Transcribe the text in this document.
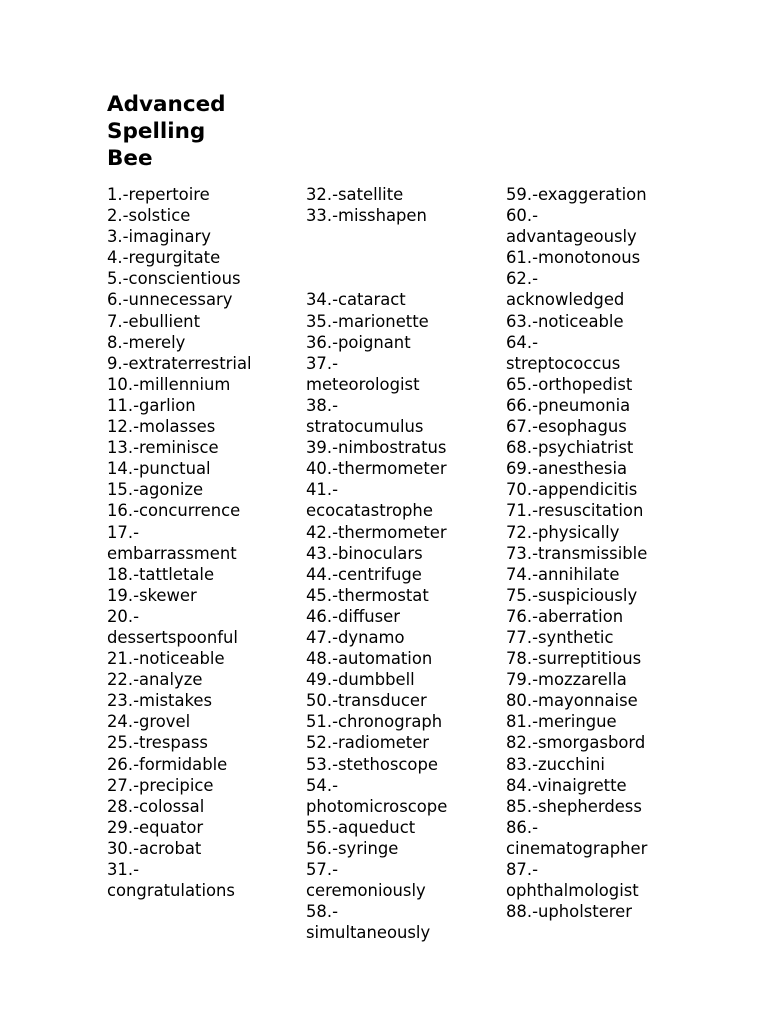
Advanced
Spelling
Bee
1.-repertoire
2.-solstice
3.-imaginary
4.-regurgitate
5.-conscientious
6.-unnecessary
7.-ebullient
8.-merely
9.-extraterrestrial
10.-millennium
11.-garlion
12.-molasses
13.-reminisce
14.-punctual
15.-agonize
16.-concurrence
17.-
embarrassment
18.-tattletale
19.-skewer
20.-
dessertspoonful
21.-noticeable
22.-analyze
23.-mistakes
24.-grovel
25.-trespass
26.-formidable
27.-precipice
28.-colossal
29.-equator
30.-acrobat
31.-
congratulations
32.-satellite
33.-misshapen
34.-cataract
35.-marionette
36.-poignant
37.-
meteorologist
38.-
stratocumulus
39.-nimbostratus
40.-thermometer
41.-
ecocatastrophe
42.-thermometer
43.-binoculars
44.-centrifuge
45.-thermostat
46.-diffuser
47.-dynamo
48.-automation
49.-dumbbell
50.-transducer
51.-chronograph
52.-radiometer
53.-stethoscope
54.-
photomicroscope
55.-aqueduct
56.-syringe
57.-
ceremoniously
58.-
simultaneously
59.-exaggeration
60.-
advantageously
61.-monotonous
62.-
acknowledged
63.-noticeable
64.-
streptococcus
65.-orthopedist
66.-pneumonia
67.-esophagus
68.-psychiatrist
69.-anesthesia
70.-appendicitis
71.-resuscitation
72.-physically
73.-transmissible
74.-annihilate
75.-suspiciously
76.-aberration
77.-synthetic
78.-surreptitious
79.-mozzarella
80.-mayonnaise
81.-meringue
82.-smorgasbord
83.-zucchini
84.-vinaigrette
85.-shepherdess
86.-
cinematographer
87.-
ophthalmologist
88.-upholsterer
